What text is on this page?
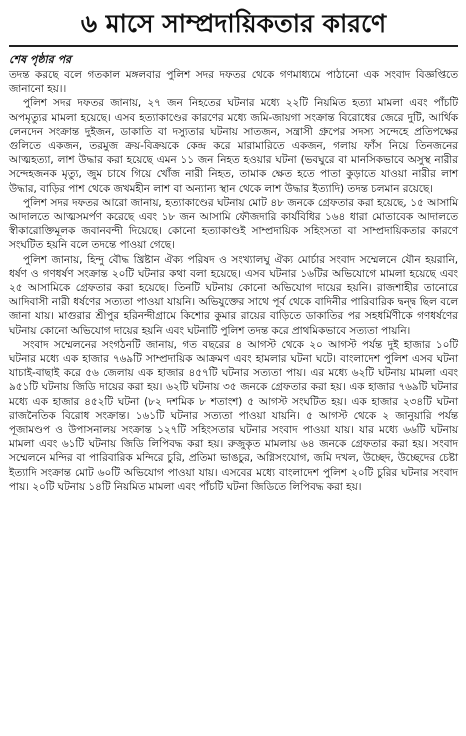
৬ মাসে সাম্প্রদায়িকতার কারণে
শেষ পৃষ্ঠার পর

তদন্ত করছে বলে গতকাল মঙ্গলবার পুলিশ সদর দফতর থেকে গণমাধ্যমে পাঠানো এক সংবাদ বিজ্ঞপ্তিতে জানানো হয়।।

পুলিশ সদর দফতর জানায়, ২৭ জন নিহতের ঘটনার মধ্যে ২২টি নিয়মিত হত্যা মামলা এবং পাঁচটি অপমৃত্যুর মামলা হয়েছে। এসব হত্যাকাণ্ডের কারণের মধ্যে জমি-জায়গা সংক্রান্ত বিরোধের জেরে দুটি, আর্থিক লেনদেন সংক্রান্ত দুইজন, ডাকাতি বা দস্যুতার ঘটনায় সাতজন, সন্ত্রাসী গ্রুপের সদস্য সন্দেহে প্রতিপক্ষের গুলিতে একজন, তরমুজ ক্রয়-বিক্রয়কে কেন্দ্র করে মারামারিতে একজন, গলায় ফাঁস নিয়ে তিনজনের আত্মহত্যা, লাশ উদ্ধার করা হয়েছে এমন ১১ জন নিহত হওয়ার ঘটনা (ভবঘুরে বা মানসিকভাবে অসুস্থ নারীর সন্দেহজনক মৃত্যু, জুম চাষে গিয়ে খোঁজ নারী নিহত, তামাক ক্ষেত হতে পাতা কুড়াতে যাওয়া নারীর লাশ উদ্ধার, বাড়ির পাশ থেকে জখমহীন লাশ বা অন্যান্য স্থান থেকে লাশ উদ্ধার ইত্যাদি) তদন্ত চলমান রয়েছে।

পুলিশ সদর দফতর আরো জানায়, হত্যাকাণ্ডের ঘটনায় মোট ৪৮ জনকে গ্রেফতার করা হয়েছে, ১৫ আসামি আদালতে আত্মসমর্পণ করেছে এবং ১৮ জন আসামি ফৌজদারি কার্যবিধির ১৬৪ ধারা মোতাবেক আদালতে স্বীকারোক্তিমূলক জবানবন্দী দিয়েছে। কোনো হত্যাকাণ্ডই সাম্প্রদায়িক সহিংসতা বা সাম্প্রদায়িকতার কারণে সংঘটিত হয়নি বলে তদন্তে পাওয়া গেছে।

পুলিশ জানায়, হিন্দু বৌদ্ধ খ্রিষ্টান ঐক্য পরিষদ ও সংখ্যালঘু ঐক্য মোর্চার সংবাদ সম্মেলনে যৌন হয়রানি, ধর্ষণ ও গণধর্ষণ সংক্রান্ত ২০টি ঘটনার কথা বলা হয়েছে। এসব ঘটনার ১৬টির অভিযোগে মামলা হয়েছে এবং ২৫ আসামিকে গ্রেফতার করা হয়েছে। তিনটি ঘটনায় কোনো অভিযোগ দায়ের হয়নি। রাজশাহীর তানোরে আদিবাসী নারী ধর্ষণের সত্যতা পাওয়া যায়নি। অভিযুক্তের সাথে পূর্ব থেকে বাদিনীর পারিবারিক দ্বন্দ্ব ছিল বলে জানা যায়। মাগুরার শ্রীপুর হরিনন্দীগ্রামে কিশোর কুমার রায়ের বাড়িতে ডাকাতির পর সহধর্মিণীকে গণধর্ষণের ঘটনায় কোনো অভিযোগ দায়ের হয়নি এবং ঘটনাটি পুলিশ তদন্ত করে প্রাথমিকভাবে সত্যতা পায়নি।

সংবাদ সম্মেলনের সংগঠনটি জানায়, গত বছরের ৪ আগস্ট থেকে ২০ আগস্ট পর্যন্ত দুই হাজার ১০টি ঘটনার মধ্যে এক হাজার ৭৬৯টি সাম্প্রদায়িক আক্রমণ এবং হামলার ঘটনা ঘটে। বাংলাদেশ পুলিশ এসব ঘটনা যাচাই-বাছাই করে ৫৬ জেলায় এক হাজার ৪৫৭টি ঘটনার সত্যতা পায়। এর মধ্যে ৬২টি ঘটনায় মামলা এবং ৯৫১টি ঘটনায় জিডি দায়ের করা হয়। ৬২টি ঘটনায় ৩৫ জনকে গ্রেফতার করা হয়। এক হাজার ৭৬৯টি ঘটনার মধ্যে এক হাজার ৪৫২টি ঘটনা (৮২ দশমিক ৮ শতাংশ) ৫ আগস্ট সংঘটিত হয়। এক হাজার ২৩৪টি ঘটনা রাজনৈতিক বিরোধ সংক্রান্ত। ১৬১টি ঘটনার সত্যতা পাওয়া যায়নি। ৫ আগস্ট থেকে ২ জানুয়ারি পর্যন্ত পূজামণ্ডপ ও উপাসনালয় সংক্রান্ত ১২৭টি সহিংসতার ঘটনার সংবাদ পাওয়া যায়। যার মধ্যে ৬৬টি ঘটনায় মামলা এবং ৬১টি ঘটনায় জিডি লিপিবদ্ধ করা হয়। রুজুকৃত মামলায় ৬৪ জনকে গ্রেফতার করা হয়। সংবাদ সম্মেলনে মন্দির বা পারিবারিক মন্দিরে চুরি, প্রতিমা ভাঙচুর, অগ্নিসংযোগ, জমি দখল, উচ্ছেদ, উচ্ছেদের চেষ্টা ইত্যাদি সংক্রান্ত মোট ৬০টি অভিযোগ পাওয়া যায়। এসবের মধ্যে বাংলাদেশ পুলিশ ২০টি চুরির ঘটনার সংবাদ পায়। ২০টি ঘটনায় ১৪টি নিয়মিত মামলা এবং পাঁচটি ঘটনা জিডিতে লিপিবদ্ধ করা হয়।
